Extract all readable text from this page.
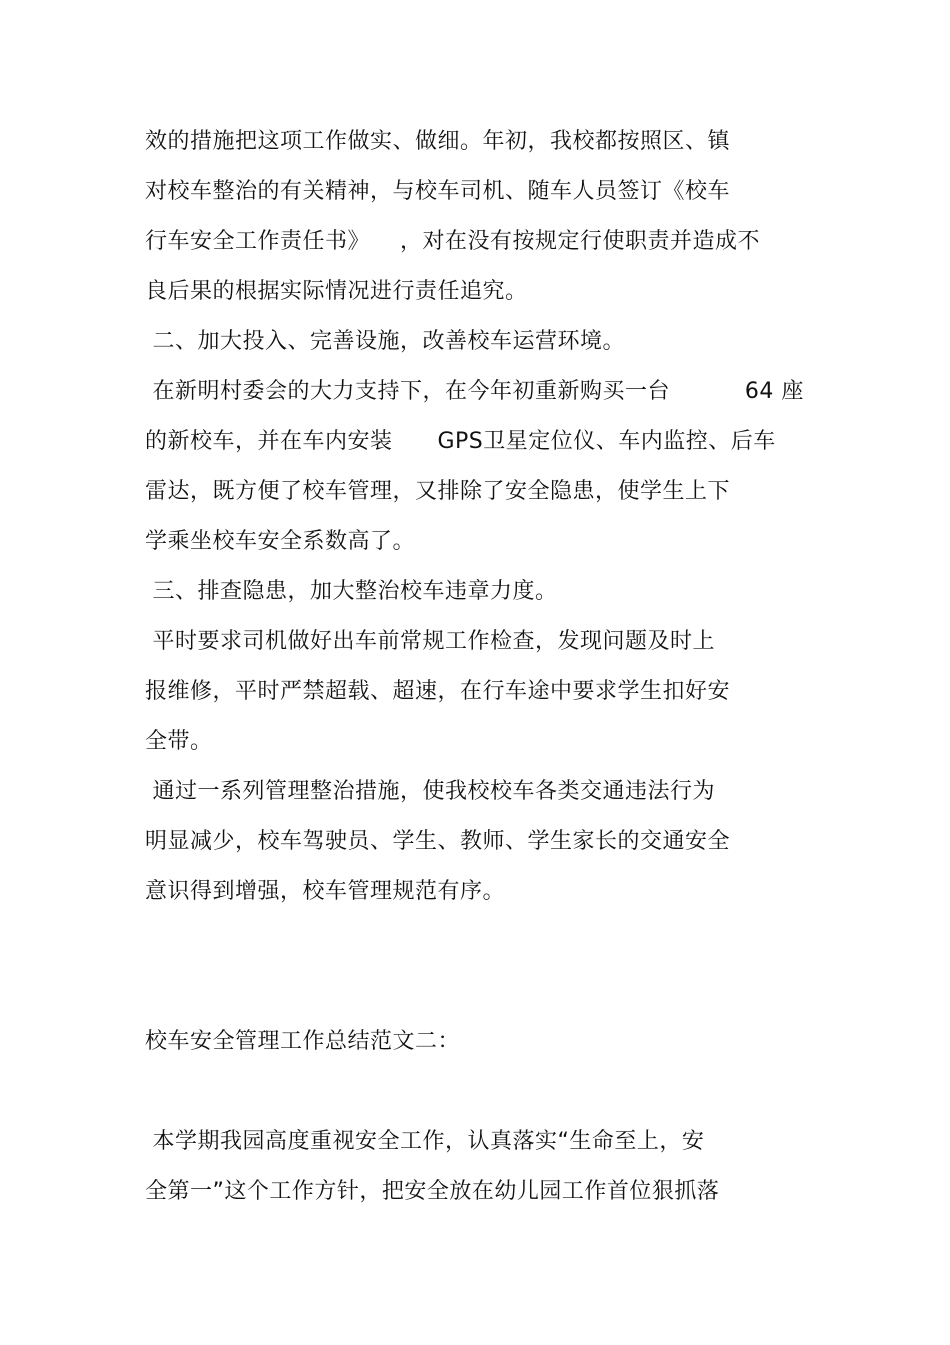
效的措施把这项工作做实、做细。年初，我校都按照区、镇

对校车整治的有关精神，与校车司机、随车人员签订《校车

行车安全工作责任书》    ，对在没有按规定行使职责并造成不

良后果的根据实际情况进行责任追究。

二、加大投入、完善设施，改善校车运营环境。

在新明村委会的大力支持下，在今年初重新购买一台          64 座

的新校车，并在车内安装      GPS卫星定位仪、车内监控、后车

雷达，既方便了校车管理，又排除了安全隐患，使学生上下

学乘坐校车安全系数高了。

三、排查隐患，加大整治校车违章力度。

平时要求司机做好出车前常规工作检查，发现问题及时上

报维修，平时严禁超载、超速，在行车途中要求学生扣好安

全带。

通过一系列管理整治措施，使我校校车各类交通违法行为

明显减少，校车驾驶员、学生、教师、学生家长的交通安全

意识得到增强，校车管理规范有序。

校车安全管理工作总结范文二：

本学期我园高度重视安全工作，认真落实“生命至上，安

全第一”这个工作方针，把安全放在幼儿园工作首位狠抓落
